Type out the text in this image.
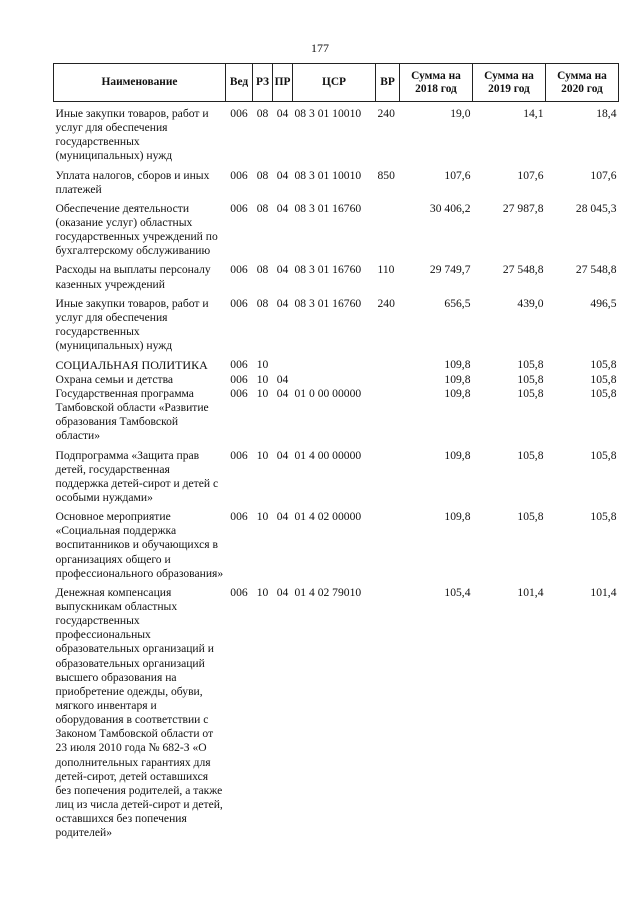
177
Наименование	Вед	РЗ	ПР	ЦСР	ВР	Сумма на 2018 год	Сумма на 2019 год	Сумма на 2020 год
Иные закупки товаров, работ и услуг для обеспечения государственных (муниципальных) нужд	006	08	04	08 3 01 10010	240	19,0	14,1	18,4
Уплата налогов, сборов и иных платежей	006	08	04	08 3 01 10010	850	107,6	107,6	107,6
Обеспечение деятельности (оказание услуг) областных государственных учреждений по бухгалтерскому обслуживанию	006	08	04	08 3 01 16760		30 406,2	27 987,8	28 045,3
Расходы на выплаты персоналу казенных учреждений	006	08	04	08 3 01 16760	110	29 749,7	27 548,8	27 548,8
Иные закупки товаров, работ и услуг для обеспечения государственных (муниципальных) нужд	006	08	04	08 3 01 16760	240	656,5	439,0	496,5
СОЦИАЛЬНАЯ ПОЛИТИКА	006	10				109,8	105,8	105,8
Охрана семьи и детства	006	10	04			109,8	105,8	105,8
Государственная программа Тамбовской области «Развитие образования Тамбовской области»	006	10	04	01 0 00 00000		109,8	105,8	105,8
Подпрограмма «Защита прав детей, государственная поддержка детей-сирот и детей с особыми нуждами»	006	10	04	01 4 00 00000		109,8	105,8	105,8
Основное мероприятие «Социальная поддержка воспитанников и обучающихся в организациях общего и профессионального образования»	006	10	04	01 4 02 00000		109,8	105,8	105,8
Денежная компенсация выпускникам областных государственных профессиональных образовательных организаций и образовательных организаций высшего образования на приобретение одежды, обуви, мягкого инвентаря и оборудования в соответствии с Законом Тамбовской области от 23 июля 2010 года № 682-З «О дополнительных гарантиях для детей-сирот, детей оставшихся без попечения родителей, а также лиц из числа детей-сирот и детей, оставшихся без попечения родителей»	006	10	04	01 4 02 79010		105,4	101,4	101,4
